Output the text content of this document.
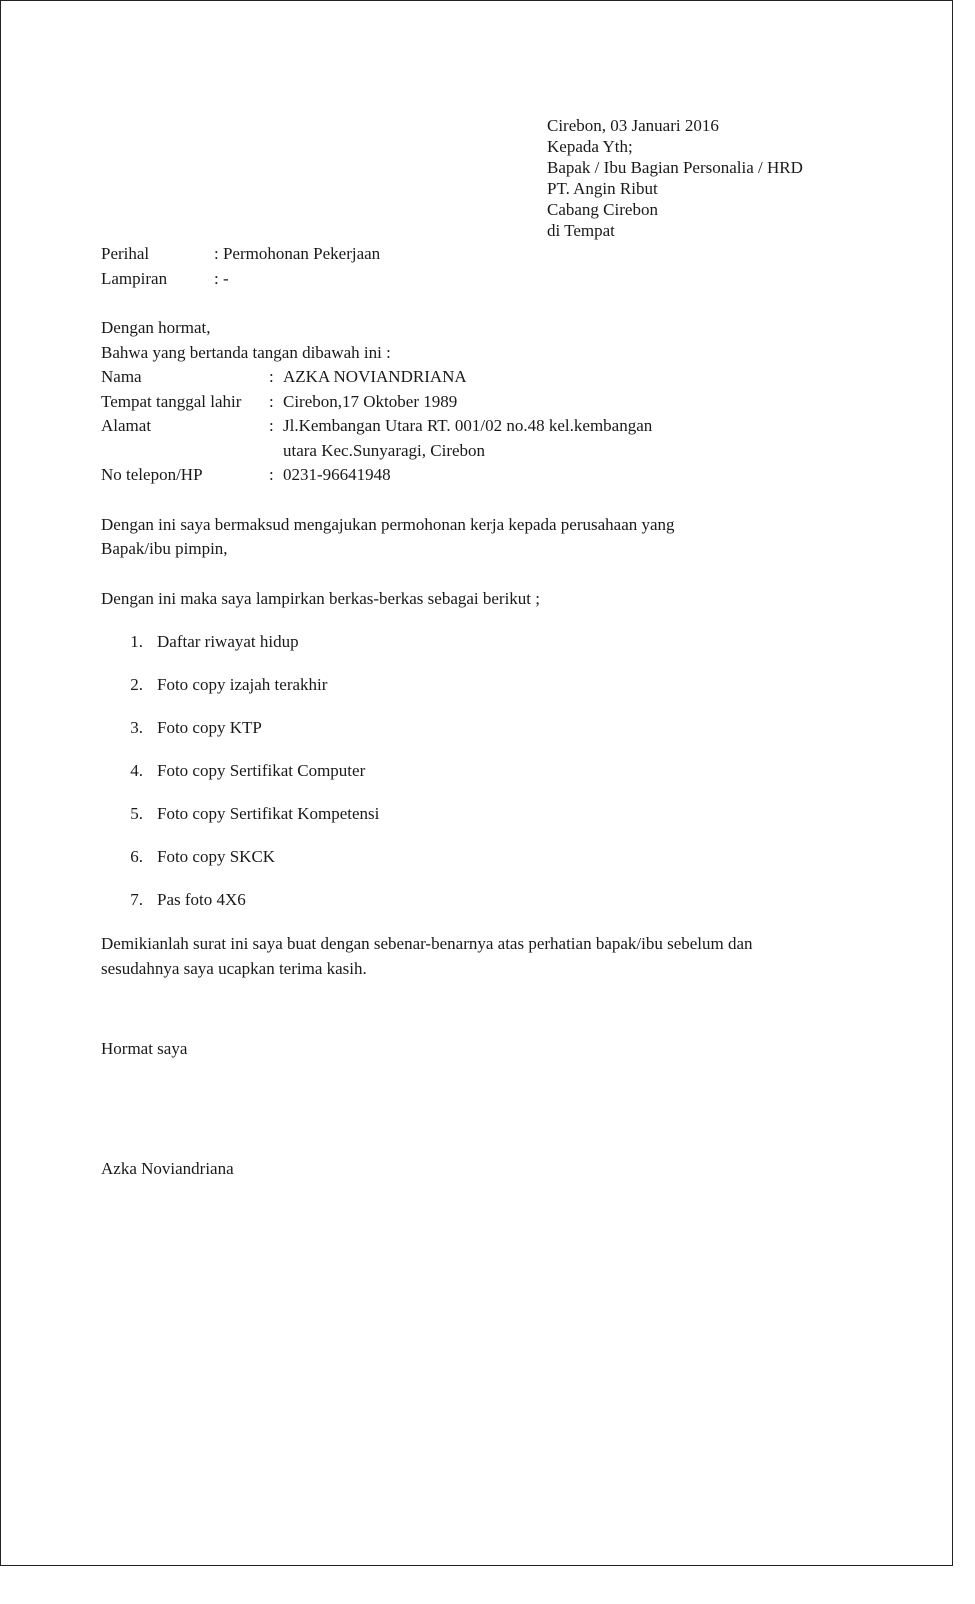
Cirebon, 03 Januari 2016
Kepada Yth;
Bapak / Ibu Bagian Personalia / HRD
PT. Angin Ribut
Cabang Cirebon
di Tempat
Perihal	: Permohonan Pekerjaan
Lampiran	: -
Dengan hormat,
Bahwa yang bertanda tangan dibawah ini :
Nama	: AZKA NOVIANDRIANA
Tempat tanggal lahir : Cirebon,17 Oktober 1989
Alamat	: Jl.Kembangan Utara RT. 001/02 no.48 kel.kembangan
utara Kec.Sunyaragi, Cirebon
No telepon/HP	: 0231-96641948
Dengan ini saya bermaksud mengajukan permohonan kerja kepada perusahaan yang
Bapak/ibu pimpin,
Dengan ini maka saya lampirkan berkas-berkas sebagai berikut ;
1. Daftar riwayat hidup
2. Foto copy izajah terakhir
3. Foto copy KTP
4. Foto copy Sertifikat Computer
5. Foto copy Sertifikat Kompetensi
6. Foto copy SKCK
7. Pas foto 4X6
Demikianlah surat ini saya buat dengan sebenar-benarnya atas perhatian bapak/ibu sebelum dan
sesudahnya saya ucapkan terima kasih.
Hormat saya
Azka Noviandriana
